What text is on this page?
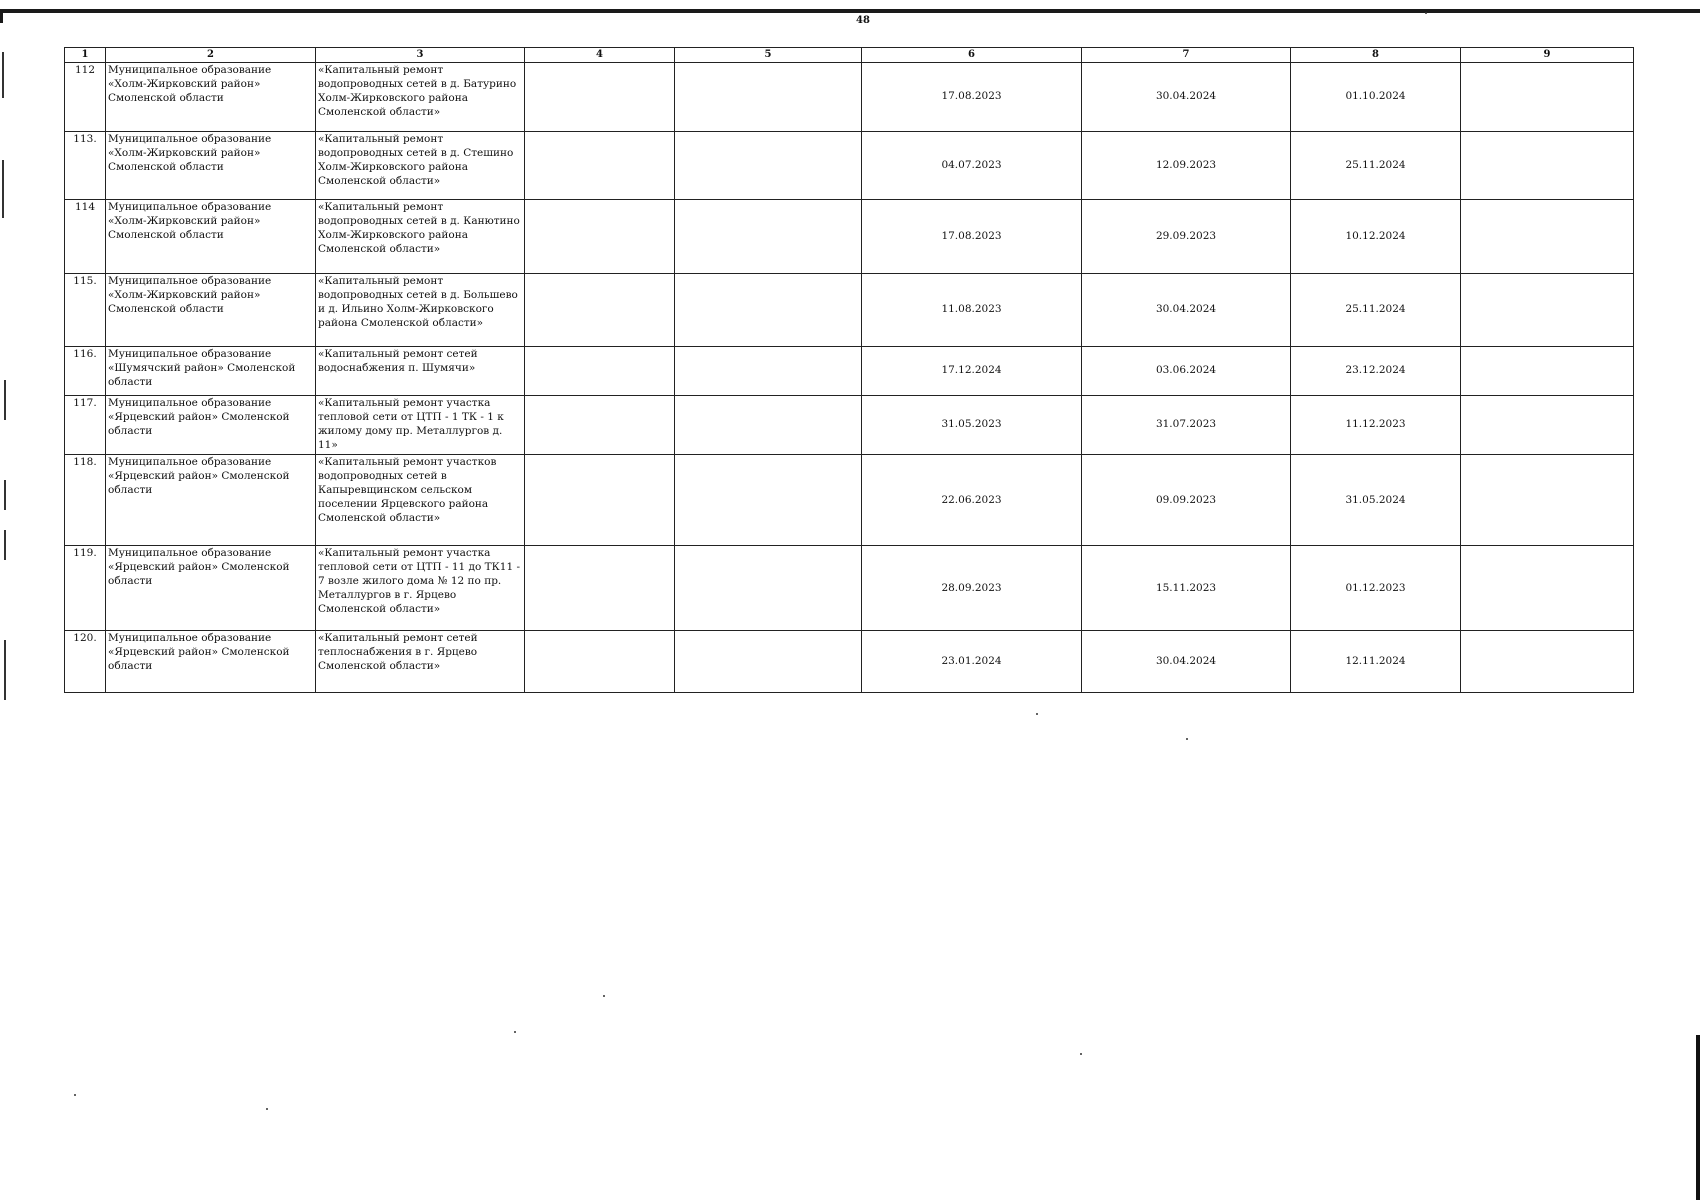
48
1	2	3	4	5	6	7	8	9
112	Муниципальное образование «Холм-Жирковский район» Смоленской области	«Капитальный ремонт водопроводных сетей в д. Батурино Холм-Жирковского района Смоленской области»			17.08.2023	30.04.2024	01.10.2024	
113.	Муниципальное образование «Холм-Жирковский район» Смоленской области	«Капитальный ремонт водопроводных сетей в д. Стешино Холм-Жирковского района Смоленской области»			04.07.2023	12.09.2023	25.11.2024	
114	Муниципальное образование «Холм-Жирковский район» Смоленской области	«Капитальный ремонт водопроводных сетей в д. Канютино Холм-Жирковского района Смоленской области»			17.08.2023	29.09.2023	10.12.2024	
115.	Муниципальное образование «Холм-Жирковский район» Смоленской области	«Капитальный ремонт водопроводных сетей в д. Большево и д. Ильино Холм-Жирковского района Смоленской области»			11.08.2023	30.04.2024	25.11.2024	
116.	Муниципальное образование «Шумячский район» Смоленской области	«Капитальный ремонт сетей водоснабжения п. Шумячи»			17.12.2024	03.06.2024	23.12.2024	
117.	Муниципальное образование «Ярцевский район» Смоленской области	«Капитальный ремонт участка тепловой сети от ЦТП - 1 ТК - 1 к жилому дому пр. Металлургов д. 11»			31.05.2023	31.07.2023	11.12.2023	
118.	Муниципальное образование «Ярцевский район» Смоленской области	«Капитальный ремонт участков водопроводных сетей в Капыревщинском сельском поселении Ярцевского района Смоленской области»			22.06.2023	09.09.2023	31.05.2024	
119.	Муниципальное образование «Ярцевский район» Смоленской области	«Капитальный ремонт участка тепловой сети от ЦТП - 11 до ТК11 - 7 возле жилого дома № 12 по пр. Металлургов в г. Ярцево Смоленской области»			28.09.2023	15.11.2023	01.12.2023	
120.	Муниципальное образование «Ярцевский район» Смоленской области	«Капитальный ремонт сетей теплоснабжения в г. Ярцево Смоленской области»			23.01.2024	30.04.2024	12.11.2024	
